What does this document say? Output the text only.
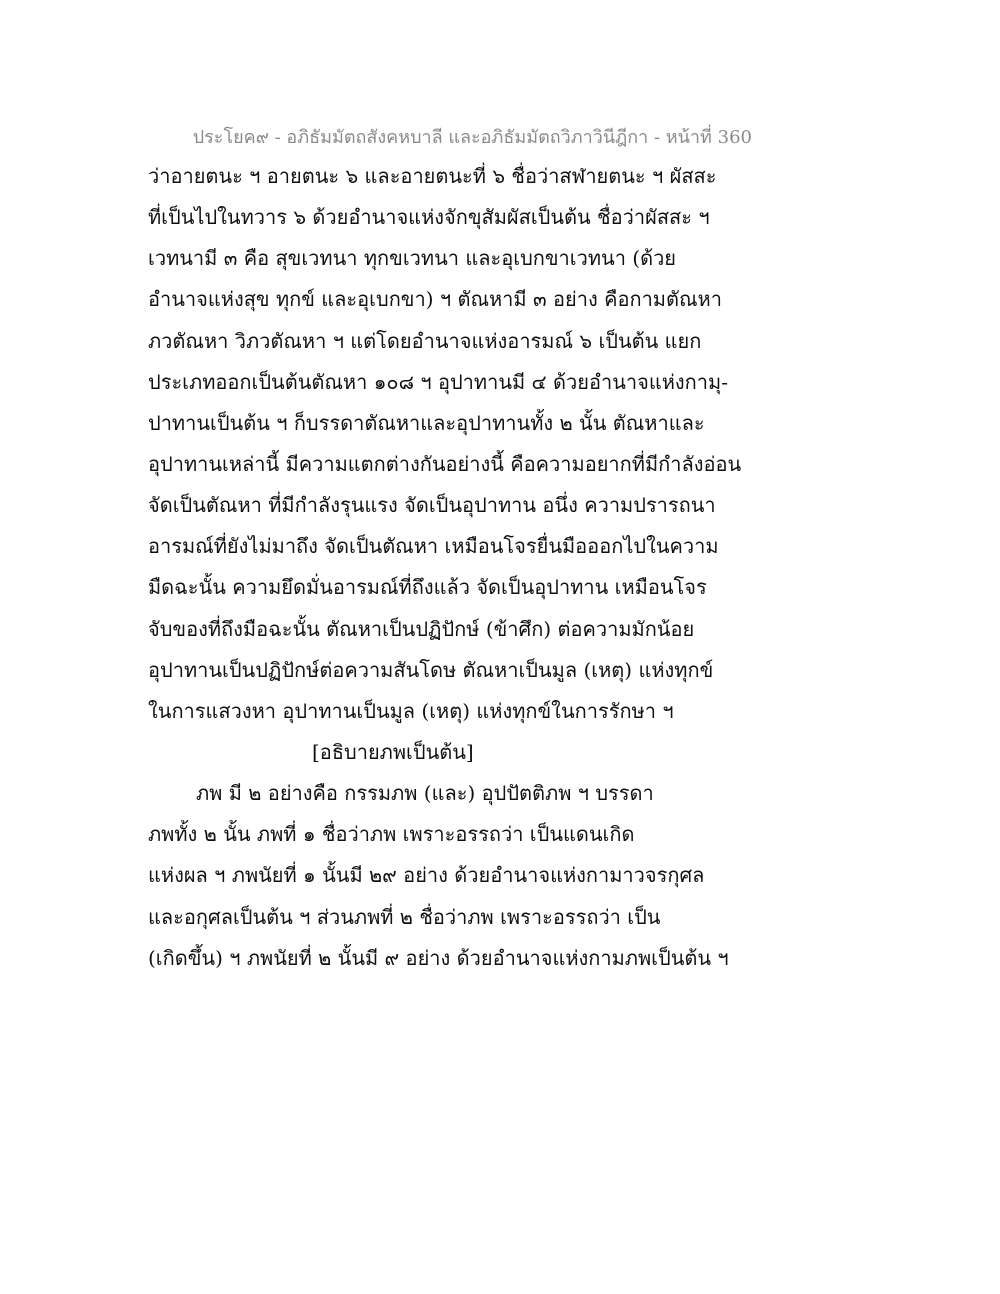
ประโยค๙ - อภิธัมมัตถสังคหบาลี และอภิธัมมัตถวิภาวินีฎีกา - หน้าที่ 360
ว่าอายตนะ ฯ อายตนะ ๖ และอายตนะที่ ๖ ชื่อว่าสฬายตนะ ฯ ผัสสะ
ที่เป็นไปในทวาร ๖ ด้วยอำนาจแห่งจักขุสัมผัสเป็นต้น ชื่อว่าผัสสะ ฯ
เวทนามี ๓ คือ สุขเวทนา ทุกขเวทนา และอุเบกขาเวทนา (ด้วย
อำนาจแห่งสุข ทุกข์ และอุเบกขา) ฯ ตัณหามี ๓ อย่าง คือกามตัณหา
ภวตัณหา วิภวตัณหา ฯ แต่โดยอำนาจแห่งอารมณ์ ๖ เป็นต้น แยก
ประเภทออกเป็นต้นตัณหา ๑๐๘ ฯ อุปาทานมี ๔ ด้วยอำนาจแห่งกามุ-
ปาทานเป็นต้น ฯ ก็บรรดาตัณหาและอุปาทานทั้ง ๒ นั้น ตัณหาและ
อุปาทานเหล่านี้ มีความแตกต่างกันอย่างนี้ คือความอยากที่มีกำลังอ่อน
จัดเป็นตัณหา ที่มีกำลังรุนแรง จัดเป็นอุปาทาน อนึ่ง ความปรารถนา
อารมณ์ที่ยังไม่มาถึง จัดเป็นตัณหา เหมือนโจรยื่นมือออกไปในความ
มืดฉะนั้น ความยึดมั่นอารมณ์ที่ถึงแล้ว จัดเป็นอุปาทาน เหมือนโจร
จับของที่ถึงมือฉะนั้น ตัณหาเป็นปฏิปักษ์ (ข้าศึก) ต่อความมักน้อย
อุปาทานเป็นปฏิปักษ์ต่อความสันโดษ ตัณหาเป็นมูล (เหตุ) แห่งทุกข์
ในการแสวงหา อุปาทานเป็นมูล (เหตุ) แห่งทุกข์ในการรักษา ฯ
[อธิบายภพเป็นต้น]
ภพ มี ๒ อย่างคือ กรรมภพ (และ) อุปปัตติภพ ฯ บรรดา
ภพทั้ง ๒ นั้น ภพที่ ๑ ชื่อว่าภพ เพราะอรรถว่า เป็นแดนเกิด
แห่งผล ฯ ภพนัยที่ ๑ นั้นมี ๒๙ อย่าง ด้วยอำนาจแห่งกามาวจรกุศล
และอกุศลเป็นต้น ฯ ส่วนภพที่ ๒ ชื่อว่าภพ เพราะอรรถว่า เป็น
(เกิดขึ้น) ฯ ภพนัยที่ ๒ นั้นมี ๙ อย่าง ด้วยอำนาจแห่งกามภพเป็นต้น ฯ
